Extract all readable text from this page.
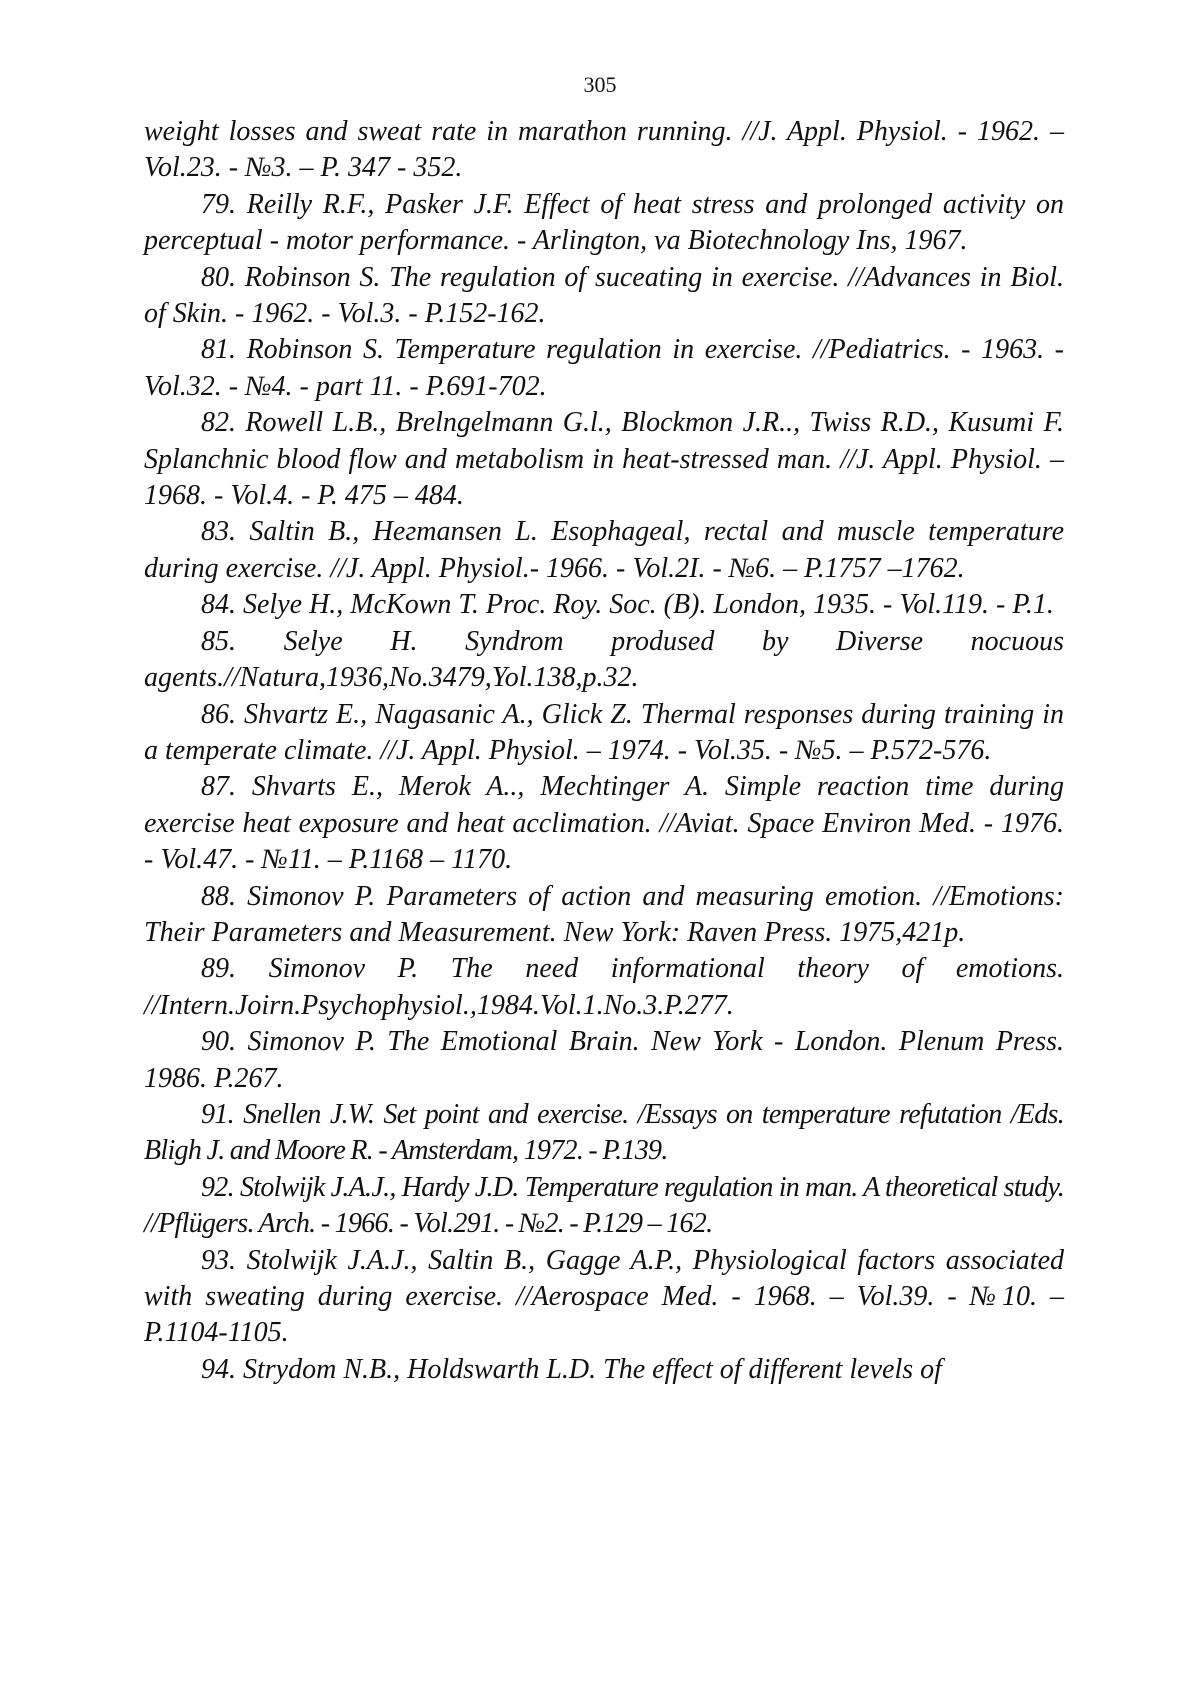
305

weight losses and sweat rate in marathon running. //J. Appl. Physiol. - 1962. – Vol.23. - №3. – P. 347 - 352.

79. Reilly R.F., Pasker J.F. Effect of heat stress and prolonged activity on perceptual - motor performance. - Arlington, va Biotechnology Ins, 1967.

80. Robinson S. The regulation of suceating in exercise. //Advances in Biol. of Skin. - 1962. - Vol.3. - P.152-162.

81. Robinson S. Temperature regulation in exercise. //Pediatrics. - 1963. - Vol.32. - №4. - part 11. - P.691-702.

82. Rowell L.B., Brelngelmann G.l., Blockmon J.R.., Twiss R.D., Kusumi F. Splanchnic blood flow and metabolism in heat-stressed man. //J. Appl. Physiol. – 1968. - Vol.4. - P. 475 – 484.

83. Saltin B., Heгmansen L. Esophageal, rectal and muscle temperature during exercise. //J. Appl. Physiol.- 1966. - Vol.2I. - №6. – P.1757 –1762.

84. Selye H., McKown T. Proc. Roy. Soc. (B). London, 1935. - Vol.119. - P.1.

85. Selye H. Syndrom prodused by Diverse nocuous agents.//Natura,1936,No.3479,Yol.138,p.32.

86. Shvartz E., Nagasanic A., Glick Z. Thermal responses during training in a temperate climate. //J. Appl. Physiol. – 1974. - Vol.35. - №5. – P.572-576.

87. Shvarts E., Merok A.., Mechtinger A. Simple reaction time during exercise heat exposure and heat acclimation. //Aviat. Space Environ Med. - 1976. - Vol.47. - №11. – P.1168 – 1170.

88. Simonov P. Parameters of action and measuring emotion. //Emotions: Their Parameters and Measurement. New York: Raven Press. 1975,421p.

89. Simonov P. The need informational theory of emotions. //Intern.Joirn.Psychophysiol.,1984.Vol.1.No.3.P.277.

90. Simonov P. The Emotional Brain. New York - London. Plenum Press. 1986. P.267.

91. Snellen J.W. Set point and exercise. /Essays on temperature refutation /Eds. Bligh J. and Moore R. - Amsterdam, 1972. - P.139.

92. Stolwijk J.A.J., Hardy J.D. Temperature regulation in man. A theoretical study. //Pflügers. Arch. - 1966. - Vol.291. - №2. - P.129 – 162.

93. Stolwijk J.A.J., Saltin B., Gagge A.P., Physiological factors associated with sweating during exercise. //Aerospace Med. - 1968. – Vol.39. - №10. – P.1104-1105.

94. Strydom N.B., Holdswarth L.D. The effect of different levels of
